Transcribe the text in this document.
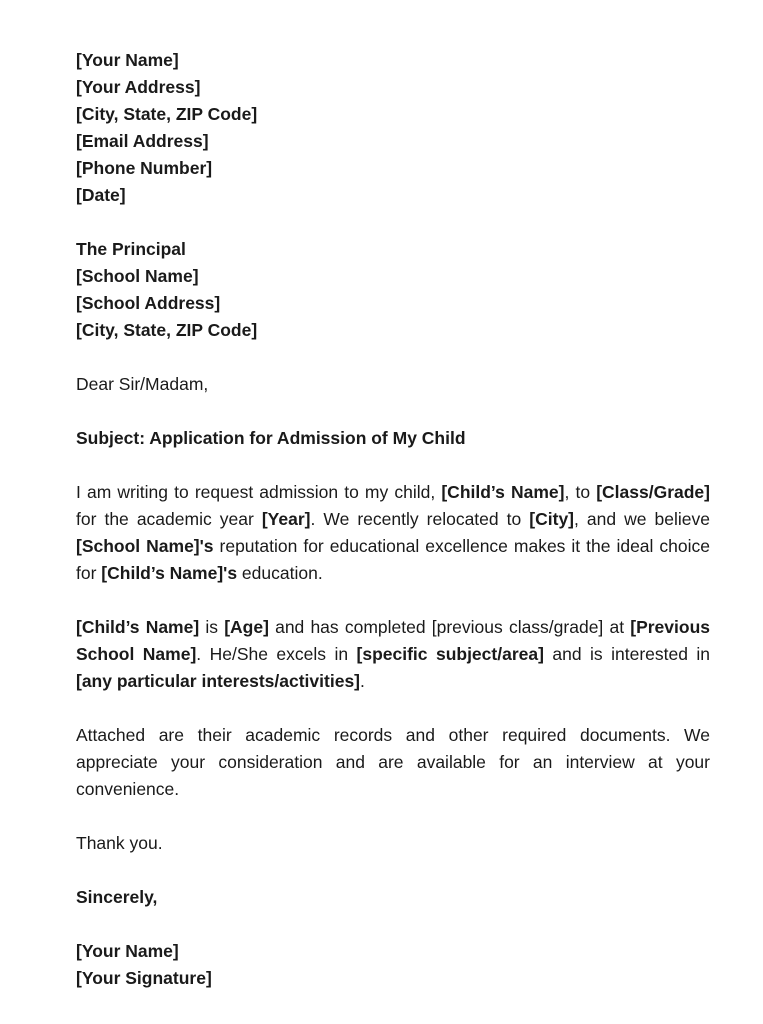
[Your Name]
[Your Address]
[City, State, ZIP Code]
[Email Address]
[Phone Number]
[Date]
The Principal
[School Name]
[School Address]
[City, State, ZIP Code]
Dear Sir/Madam,
Subject: Application for Admission of My Child

I am writing to request admission to my child, [Child’s Name], to [Class/Grade] for the academic year [Year]. We recently relocated to [City], and we believe [School Name]'s reputation for educational excellence makes it the ideal choice for [Child’s Name]'s education.

[Child’s Name] is [Age] and has completed [previous class/grade] at [Previous School Name]. He/She excels in [specific subject/area] and is interested in [any particular interests/activities].

Attached are their academic records and other required documents. We appreciate your consideration and are available for an interview at your convenience.

Thank you.
Sincerely,
[Your Name]
[Your Signature]
